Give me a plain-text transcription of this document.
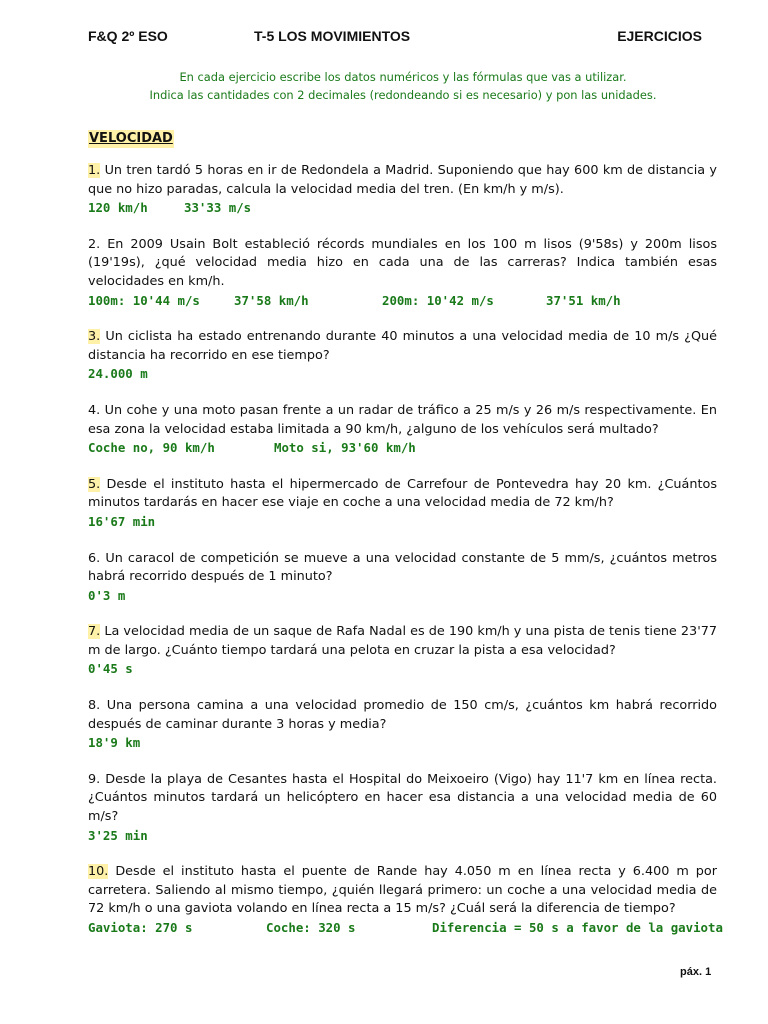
F&Q 2º ESO	T-5 LOS MOVIMIENTOS	EJERCICIOS
En cada ejercicio escribe los datos numéricos y las fórmulas que vas a utilizar.
Indica las cantidades con 2 decimales (redondeando si es necesario) y pon las unidades.
VELOCIDAD

1. Un tren tardó 5 horas en ir de Redondela a Madrid. Suponiendo que hay 600 km de distancia y que no hizo paradas, calcula la velocidad media del tren. (En km/h y m/s).

120 km/h	33'33 m/s

2. En 2009 Usain Bolt estableció récords mundiales en los 100 m lisos (9'58s) y 200m lisos (19'19s), ¿qué velocidad media hizo en cada una de las carreras? Indica también esas velocidades en km/h.

100m: 10'44 m/s	37'58 km/h	200m: 10'42 m/s	37'51 km/h

3. Un ciclista ha estado entrenando durante 40 minutos a una velocidad media de 10 m/s ¿Qué distancia ha recorrido en ese tiempo?

24.000 m

4. Un cohe y una moto pasan frente a un radar de tráfico a 25 m/s y 26 m/s respectivamente. En esa zona la velocidad estaba limitada a 90 km/h, ¿alguno de los vehículos será multado?

Coche no, 90 km/h	Moto si, 93'60 km/h

5. Desde el instituto hasta el hipermercado de Carrefour de Pontevedra hay 20 km. ¿Cuántos minutos tardarás en hacer ese viaje en coche a una velocidad media de 72 km/h?

16'67 min

6. Un caracol de competición se mueve a una velocidad constante de 5 mm/s, ¿cuántos metros habrá recorrido después de 1 minuto?

0'3 m

7. La velocidad media de un saque de Rafa Nadal es de 190 km/h y una pista de tenis tiene 23'77 m de largo. ¿Cuánto tiempo tardará una pelota en cruzar la pista a esa velocidad?

0'45 s

8. Una persona camina a una velocidad promedio de 150 cm/s, ¿cuántos km habrá recorrido después de caminar durante 3 horas y media?

18'9 km

9. Desde la playa de Cesantes hasta el Hospital do Meixoeiro (Vigo) hay 11'7 km en línea recta. ¿Cuántos minutos tardará un helicóptero en hacer esa distancia a una velocidad media de 60 m/s?

3'25 min

10. Desde el instituto hasta el puente de Rande hay 4.050 m en línea recta y 6.400 m por carretera. Saliendo al mismo tiempo, ¿quién llegará primero: un coche a una velocidad media de 72 km/h o una gaviota volando en línea recta a 15 m/s? ¿Cuál será la diferencia de tiempo?

Gaviota: 270 s	Coche: 320 s	Diferencia = 50 s a favor de la gaviota
páx. 1
